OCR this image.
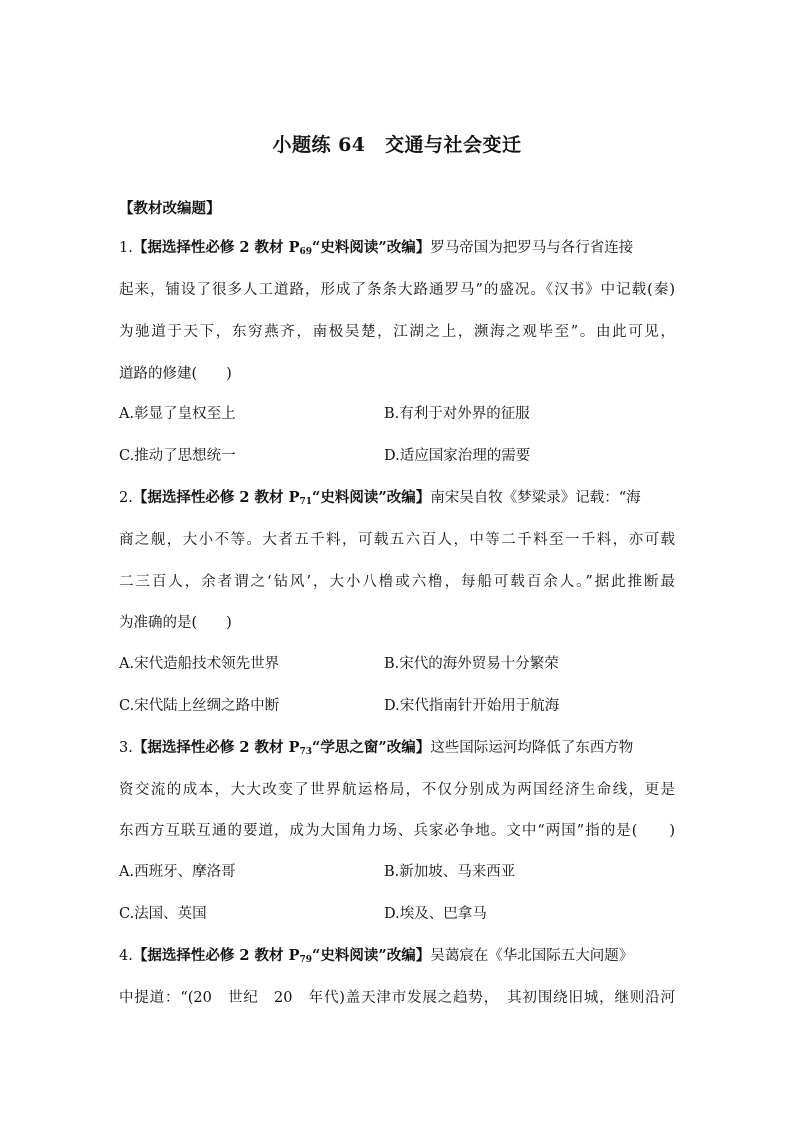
小题练 64　交通与社会变迁
【教材改编题】
1.【据选择性必修 2 教材 $P_{69}“$史料阅读”改编】罗马帝国为把罗马与各行省连接
起来，铺设了很多人工道路，形成了条条大路通罗马”的盛况。《汉书》中记载(秦)
为驰道于天下，东穷燕齐，南极吴楚，江湖之上，濒海之观毕至”。由此可见，
道路的修建(　　)
A.彰显了皇权至上	B.有利于对外界的征服
C.推动了思想统一	D.适应国家治理的需要
2.【据选择性必修 2 教材 $P_{71}“$史料阅读”改编】南宋吴自牧《梦粱录》记载：“海
商之舰，大小不等。大者五千料，可载五六百人，中等二千料至一千料，亦可载
二三百人，余者谓之‘钻风’，大小八橹或六橹，每船可载百余人。”据此推断最
为准确的是(　　)
A.宋代造船技术领先世界	B.宋代的海外贸易十分繁荣
C.宋代陆上丝绸之路中断	D.宋代指南针开始用于航海
3.【据选择性必修 2 教材 $P_{73}“$学思之窗”改编】这些国际运河均降低了东西方物
资交流的成本，大大改变了世界航运格局，不仅分别成为两国经济生命线，更是
东西方互联互通的要道，成为大国角力场、兵家必争地。文中“两国”指的是(　　)
A.西班牙、摩洛哥	B.新加坡、马来西亚
C.法国、英国	D.埃及、巴拿马
4.【据选择性必修 2 教材 $P_{79}“$史料阅读”改编】吴蔼宸在《华北国际五大问题》
中提道：“(20　世纪　20　年代)盖天津市发展之趋势，　其初围绕旧城，继则沿河
